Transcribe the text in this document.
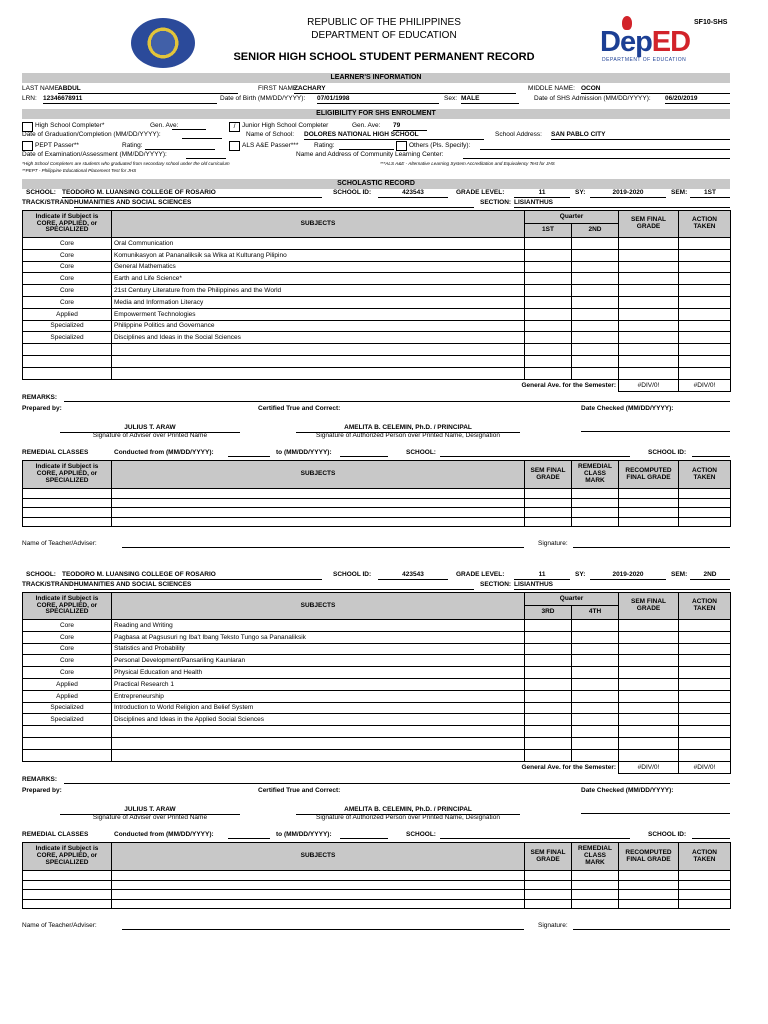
REPUBLIC OF THE PHILIPPINES
DEPARTMENT OF EDUCATION
SENIOR HIGH SCHOOL STUDENT PERMANENT RECORD
SF10-SHS
DepED
DEPARTMENT OF EDUCATION
LEARNER'S INFORMATION
LAST NAME:
ABDUL	FIRST NAME:
ZACHARY	MIDDLE NAME: OCON
LRN: 12346678911	Date of Birth (MM/DD/YYYY): 07/01/1998	Sex: MALE	Date of SHS Admission (MM/DD/YYYY): 06/20/2019
ELIGIBILITY FOR SHS ENROLMENT
High School Completer*	Gen. Ave:	/	Junior High School Completer	Gen. Ave: 79
Date of Graduation/Completion (MM/DD/YYYY):	Name of School: DOLORES NATIONAL HIGH SCHOOL	School Address: SAN PABLO CITY
PEPT Passer**	Rating:	ALS A&E Passer*** Rating:	Others (Pls. Specify):
Date of Examination/Assessment (MM/DD/YYYY):	Name and Address of Community Learning Center:
*High School Completers are students who graduated from secondary school under the old curriculum	***ALS A&E - Alternative Learning System Accreditation and Equivalency Test for JHS
**PEPT - Philippine Educational Placement Test for JHS
SCHOLASTIC RECORD
SCHOOL: TEODORO M. LUANSING COLLEGE OF ROSARIO	SCHOOL ID:	423543	GRADE LEVEL:	11	SY:	2019-2020	SEM:	1ST
TRACK/STRAND:
HUMANITIES AND SOCIAL SCIENCES	SECTION: LISIANTHUS
Indicate if Subject is CORE, APPLIED, or SPECIALIZED	SUBJECTS	Quarter		SEM FINAL GRADE	ACTION TAKEN
		1ST	2ND		
Core	Oral Communication				
Core	Komunikasyon at Pananaliksik sa Wika at Kulturang Pilipino				
Core	General Mathematics				
Core	Earth and Life Science*				
Core	21st Century Literature from the Philippines and the World				
Core	Media and Information Literacy				
Applied	Empowerment Technologies				
Specialized	Philippine Politics and Governance				
Specialized	Disciplines and Ideas in the Social Sciences				

General Ave. for the Semester:				#DIV/0!	#DIV/0!
REMARKS:
Prepared by:	Certified True and Correct:	Date Checked (MM/DD/YYYY):
JULIUS T. ARAW	AMELITA B. CELEMIN, Ph.D. / PRINCIPAL
Signature of Adviser over Printed Name	Signature of Authorized Person over Printed Name, Designation
REMEDIAL CLASSES	Conducted from (MM/DD/YYYY):	to (MM/DD/YYYY):	SCHOOL:	SCHOOL ID:
Indicate if Subject is CORE, APPLIED, or SPECIALIZED	SUBJECTS	SEM FINAL GRADE	REMEDIAL CLASS MARK	RECOMPUTED FINAL GRADE	ACTION TAKEN

Name of Teacher/Adviser:	Signature:
SCHOOL: TEODORO M. LUANSING COLLEGE OF ROSARIO	SCHOOL ID:	423543	GRADE LEVEL:	11	SY:	2019-2020	SEM:	2ND
TRACK/STRAND:
HUMANITIES AND SOCIAL SCIENCES	SECTION: LISIANTHUS
Indicate if Subject is CORE, APPLIED, or SPECIALIZED	SUBJECTS	Quarter		SEM FINAL GRADE	ACTION TAKEN
		3RD	4TH		
Core	Reading and Writing				
Core	Pagbasa at Pagsusuri ng Iba't Ibang Teksto Tungo sa Pananaliksik				
Core	Statistics and Probability				
Core	Personal Development/Pansariling Kaunlaran				
Core	Physical Education and Health				
Applied	Practical Research 1				
Applied	Entrepreneurship				
Specialized	Introduction to World Religion and Belief System				
Specialized	Disciplines and Ideas in the Applied Social Sciences				

General Ave. for the Semester:				#DIV/0!	#DIV/0!
REMARKS:
Prepared by:	Certified True and Correct:	Date Checked (MM/DD/YYYY):
JULIUS T. ARAW	AMELITA B. CELEMIN, Ph.D. / PRINCIPAL
Signature of Adviser over Printed Name	Signature of Authorized Person over Printed Name, Designation
REMEDIAL CLASSES	Conducted from (MM/DD/YYYY):	to (MM/DD/YYYY):	SCHOOL:	SCHOOL ID:
Indicate if Subject is CORE, APPLIED, or SPECIALIZED	SUBJECTS	SEM FINAL GRADE	REMEDIAL CLASS MARK	RECOMPUTED FINAL GRADE	ACTION TAKEN

Name of Teacher/Adviser:	Signature:
